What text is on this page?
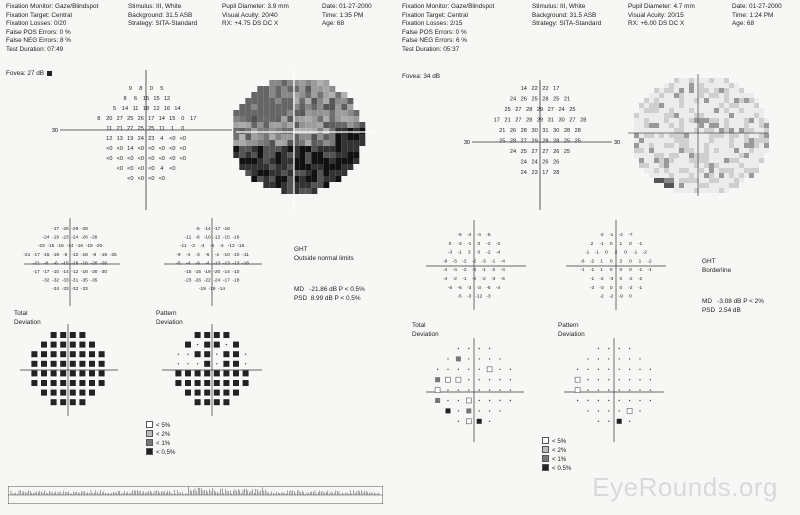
Fixation Monitor: Gaze/Blindspot
Fixation Target: Central
Fixation Losses: 0/20
False POS Errors: 0 %
False NEG Errors: 8 %
Test Duration: 07:49
Stimulus: III, White
Background: 31.5 ASB
Strategy: SITA-Standard
Pupil Diameter: 3.9 mm
Visual Acuity: 20/40
RX: +4.75 DS DC X
Date: 01-27-2000
Time: 1:35 PM
Age: 68
Fovea: 27 dB
30
9 8 0 5
8 6 15 15 12
5 14 11 18 12 16 14
8 20 27 25 26 17 14 15 0 17
11 21 27 25 25 11 1 0
12 13 19 24 23 4 <0 <0
<0 <0 14 <0 <0 <0 <0 <0
<0 <0 <0 <0 <0 <0 <0 <0
<0 <0 <0 <0 4 <0
<0 <0 <0 <0
-17 -26 -28 -28
-24 -19 -23 -24 -26 -28
-23 -15 -16 -14 -16 -18 -20
-21 -17 -15 -18 -6 -12 -18 -8 -19 -26
-21 -8 -6 -15 -16 -16 -26 -26
-17 -17 -10 -14 -12 -18 -30 -30
-32 -32 -33 -31 -35 -35
-34 -33 -32 -33
-5 -14 -17 -16
-11 -6 -10 -12 -15 -16
-11 -3 -4 -5 -4 -12 -16
-9 -4 -3 -6 -4 -10 -10 -11
-5 -4 -9 -4 -13 -13 -13 -16
-15 -15 -19 -20 -14 -10
-23 -26 -22 -24 -17 -18
-19 -19 -14
GHT
Outside normal limits
MD -21.86 dB P < 0.5%
PSD 8.99 dB P < 0.5%
Total
Deviation
Pattern
Deviation
< 5%
< 2%
< 1%
< 0.5%
Fixation Monitor: Gaze/Blindspot
Fixation Target: Central
Fixation Losses: 2/15
False POS Errors: 0 %
False NEG Errors: 6 %
Test Duration: 05:37
Stimulus: III, White
Background: 31.5 ASB
Strategy: SITA-Standard
Pupil Diameter: 4.7 mm
Visual Acuity: 20/15
RX: +6.00 DS DC X
Date: 01-27-2000
Time: 1:24 PM
Age: 68
Fovea: 34 dB
30	30
14 22 22 17
24 26 25 28 25 21
25 27 28 29 27 24 25
17 21 27 28 29 31 30 27 28
21 26 28 30 31 30 28 28
25 28 27 29 28 28 25 25
24 25 27 27 26 25
24 24 26 26
24 23 17 28
-5 -4 -4 -5
0 -3 -1 0 -2 -2
-3 -1 3 0 -2 -4
-9 -5 -2 -2 -3 -1 -4
-4 -4 -2 -3 -1 -2 -4
-4 -2 -1 -2 -2 -3 -5
-6 -6 -3 -3 -5 -4
-5 -3 -12 -3
-2 -1 -2 -7
2 -1 0 1 0 -1
-1 -1 0 2 0 -1 -2
-6 -2 1 0 2 0 1 -2
-1 -1 1 0 0 0 -1 -1
-1 -2 -3 0 -2 -2
-3 -3 0 0 -2 -1
-2 -2 -9 0
GHT
Borderline
MD -3.08 dB P < 2%
PSD 2.54 dB
Total
Deviation
Pattern
Deviation
< 5%
< 2%
< 1%
< 0.5%
EyeRounds.org
